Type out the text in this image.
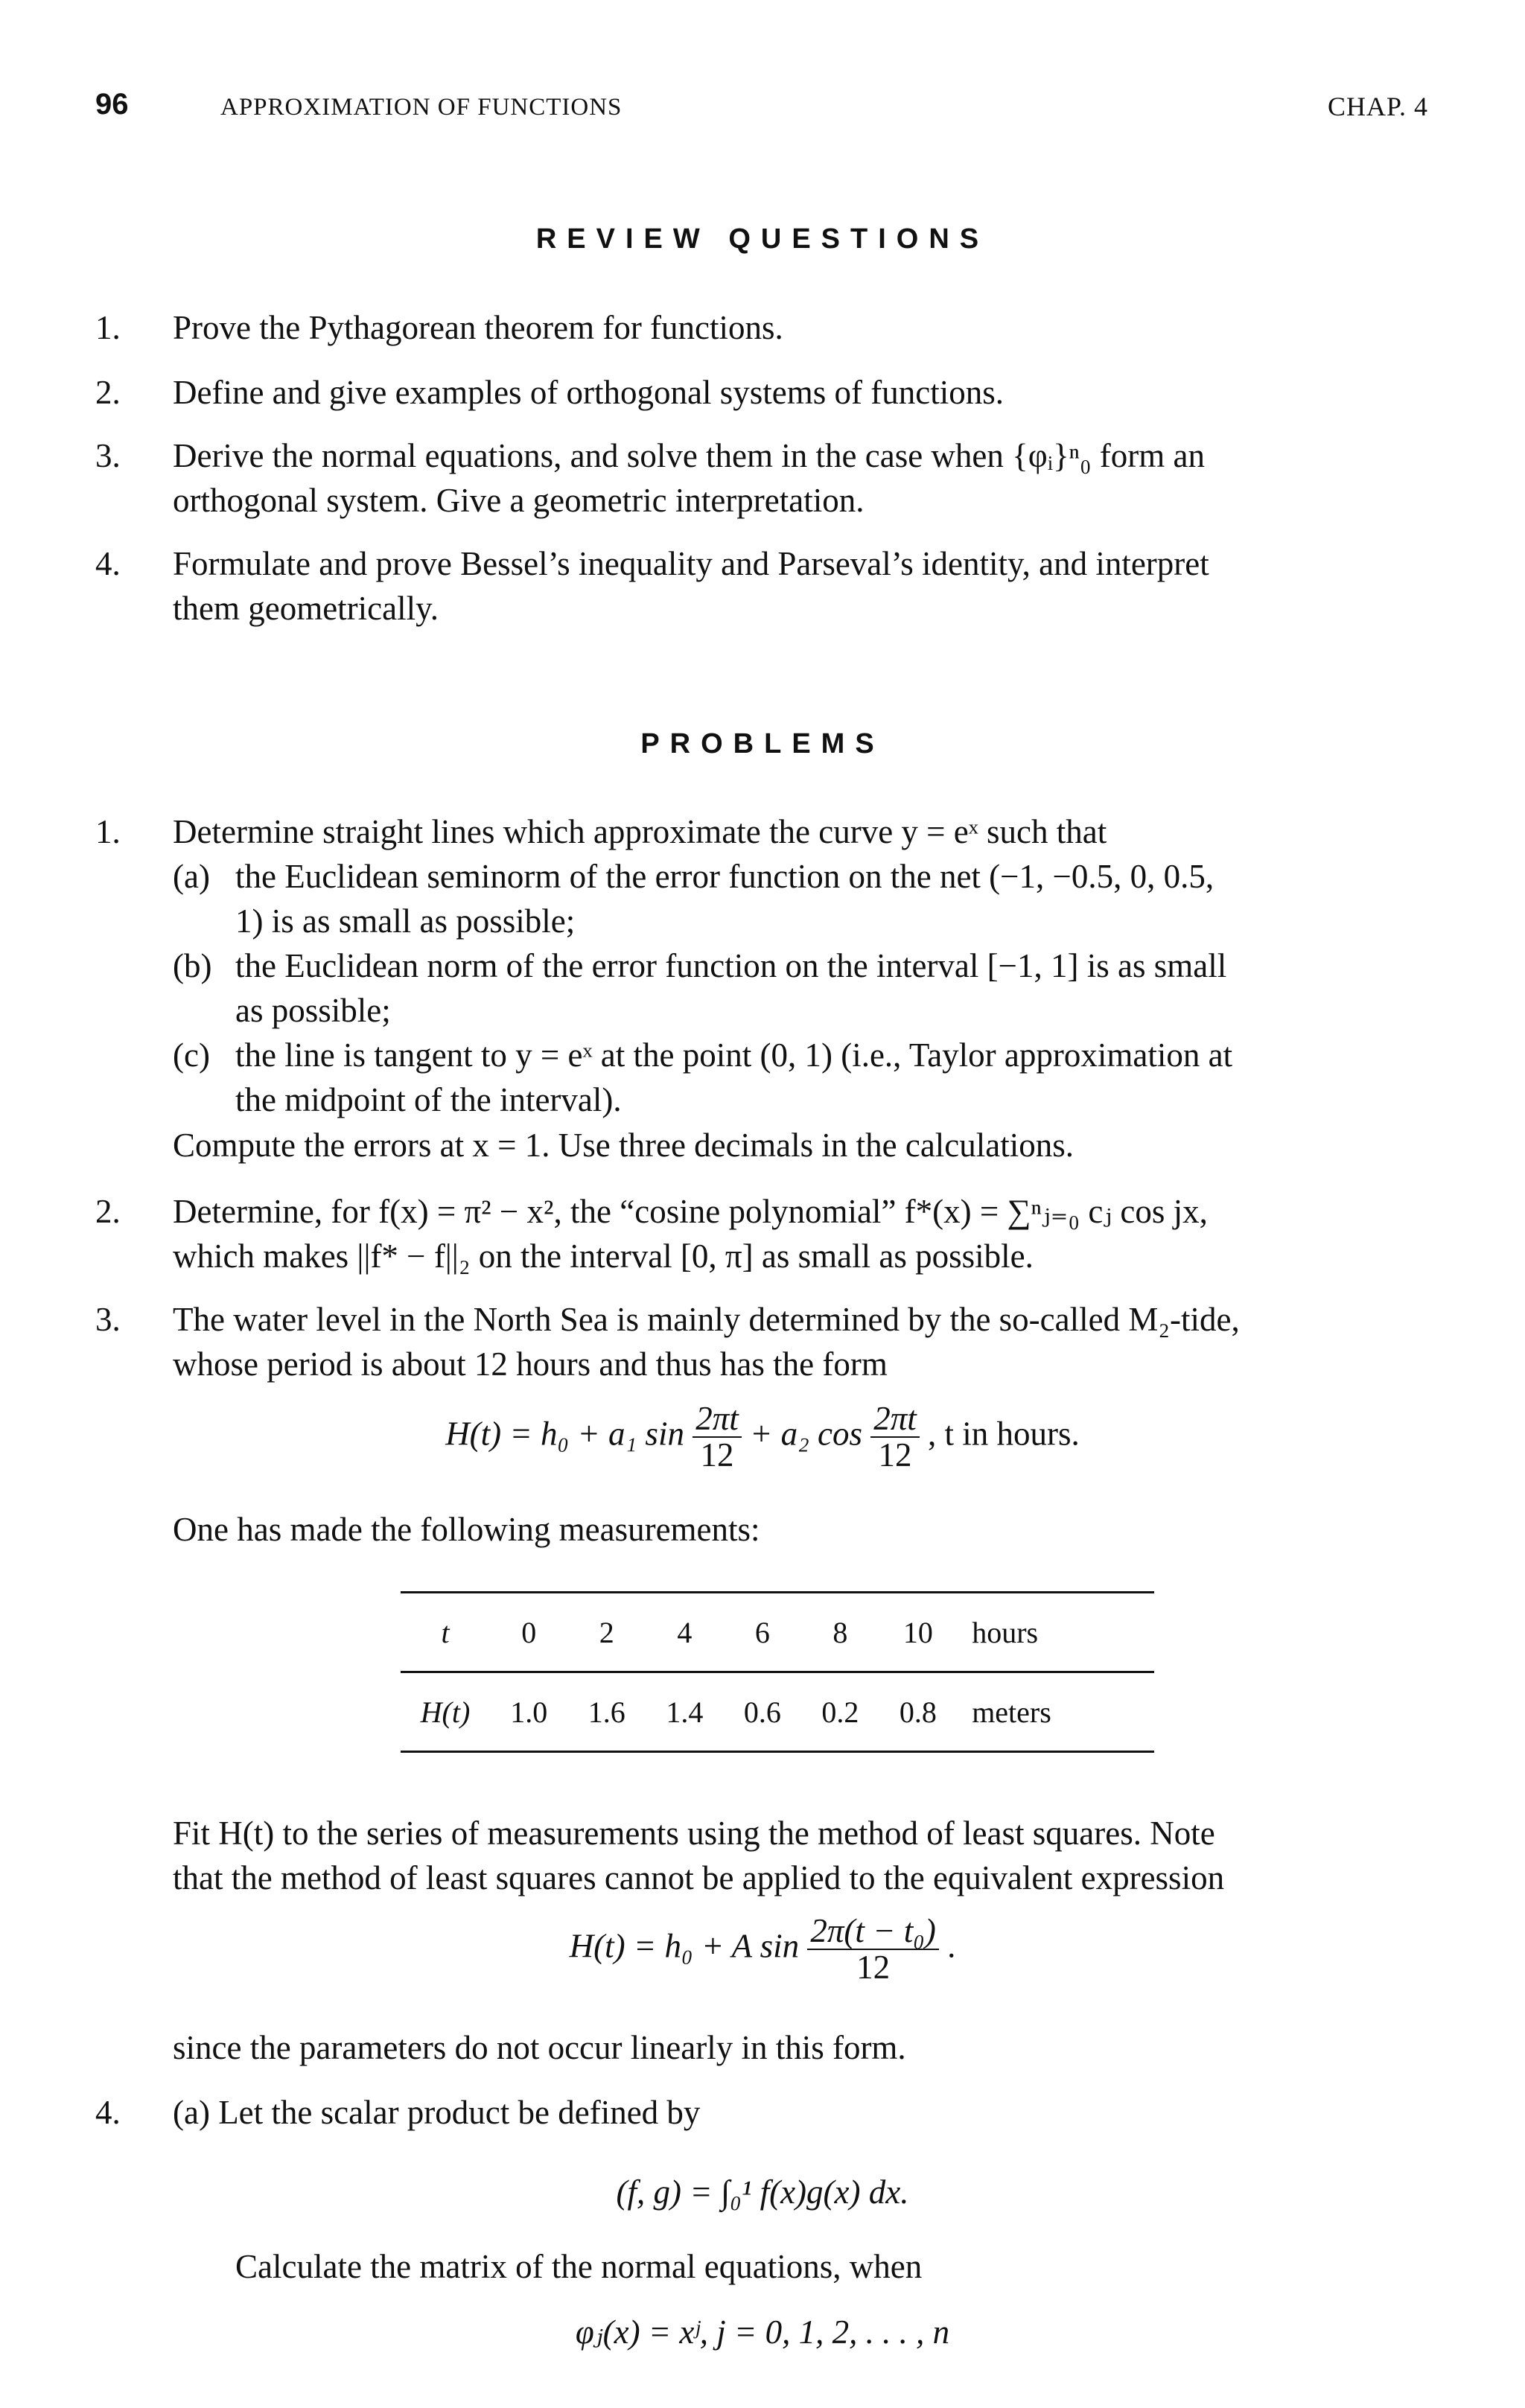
96	APPROXIMATION OF FUNCTIONS	CHAP. 4
REVIEW QUESTIONS
1. Prove the Pythagorean theorem for functions.
2. Define and give examples of orthogonal systems of functions.
3. Derive the normal equations, and solve them in the case when {φᵢ}ⁿ₀ form an
orthogonal system. Give a geometric interpretation.
4. Formulate and prove Bessel’s inequality and Parseval’s identity, and interpret
them geometrically.
PROBLEMS
1. Determine straight lines which approximate the curve y = eˣ such that
(a) the Euclidean seminorm of the error function on the net (−1, −0.5, 0, 0.5,
1) is as small as possible;
(b) the Euclidean norm of the error function on the interval [−1, 1] is as small
as possible;
(c) the line is tangent to y = eˣ at the point (0, 1) (i.e., Taylor approximation at
the midpoint of the interval).
Compute the errors at x = 1. Use three decimals in the calculations.
2. Determine, for f(x) = π² − x², the “cosine polynomial” f*(x) = ∑ⁿⱼ₌₀ cⱼ cos jx,
which makes ||f* − f||₂ on the interval [0, π] as small as possible.
3. The water level in the North Sea is mainly determined by the so-called M₂-tide,
whose period is about 12 hours and thus has the form
H(t) = h₀ + a₁ $\sin \frac{2\pi t}{12} + a_2$ $\cos \frac{2\pi t}{12}$ , t in hours.
One has made the following measurements:
t	0	2	4	6	8	10	hours
H(t)	1.0	1.6	1.4	0.6	0.2	0.8	meters
Fit H(t) to the series of measurements using the method of least squares. Note
that the method of least squares cannot be applied to the equivalent expression
H(t) = h₀ + A $\sin \frac{\text{2π(t − t₀)}}{12}$ .
since the parameters do not occur linearly in this form.
4. (a) Let the scalar product be defined by
(f, g) = ∫₀¹ f(x)g(x) dx.
Calculate the matrix of the normal equations, when
φⱼ(x) = xʲ, j = 0, 1, 2, . . . , n
